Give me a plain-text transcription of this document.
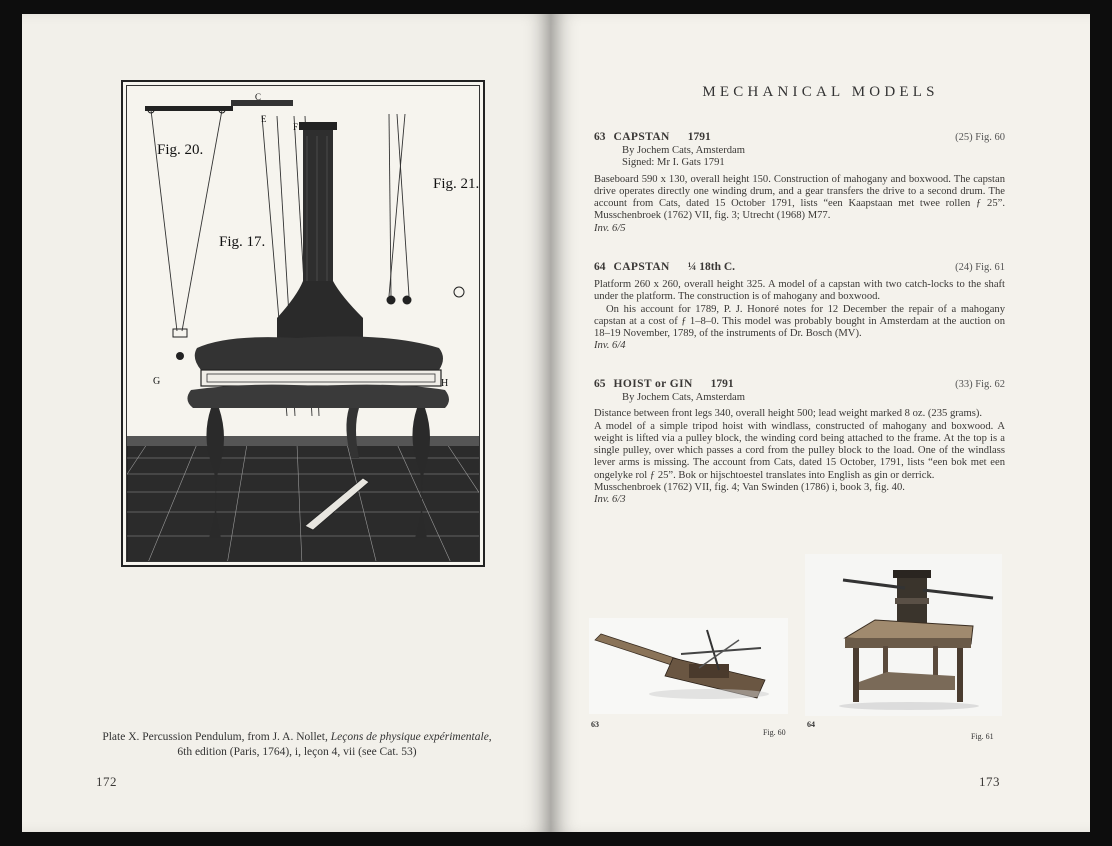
Fig. 20.
Fig. 21.
Fig. 17.
C
E
F
G	H
Plate X. Percussion Pendulum, from J. A. Nollet, Leçons de physique expérimentale,
6th edition (Paris, 1764), i, leçon 4, vii (see Cat. 53)
172
MECHANICAL MODELS
63 CAPSTAN 1791	(25) Fig. 60
By Jochem Cats, Amsterdam
Signed: Mr I. Gats 1791

Baseboard 590 x 130, overall height 150. Construction of mahogany and boxwood. The capstan drive operates directly one winding drum, and a gear transfers the drive to a second drum. The account from Cats, dated 15 October 1791, lists “een Kaapstaan met twee rollen ƒ 25”. Musschenbroek (1762) VII, fig. 3; Utrecht (1968) M77.

Inv. 6/5

64 CAPSTAN ¼ 18th C.	(24) Fig. 61

Platform 260 x 260, overall height 325. A model of a capstan with two catch-locks to the shaft under the platform. The construction is of mahogany and boxwood.

On his account for 1789, P. J. Honoré notes for 12 December the repair of a mahogany capstan at a cost of ƒ 1–8–0. This model was probably bought in Amsterdam at the auction on 18–19 November, 1789, of the instruments of Dr. Bosch (MV).

Inv. 6/4

65 HOIST or GIN 1791	(33) Fig. 62
By Jochem Cats, Amsterdam

Distance between front legs 340, overall height 500; lead weight marked 8 oz. (235 grams).

A model of a simple tripod hoist with windlass, constructed of mahogany and boxwood. A weight is lifted via a pulley block, the winding cord being attached to the frame. At the top is a single pulley, over which passes a cord from the pulley block to the load. One of the windlass lever arms is missing. The account from Cats, dated 15 October, 1791, lists “een bok met een ongelyke rol ƒ 25”. Bok or hijschtoestel translates into English as gin or derrick.

Musschenbroek (1762) VII, fig. 4; Van Swinden (1786) i, book 3, fig. 40.

Inv. 6/3

63
Fig. 60
64
Fig. 61
173
